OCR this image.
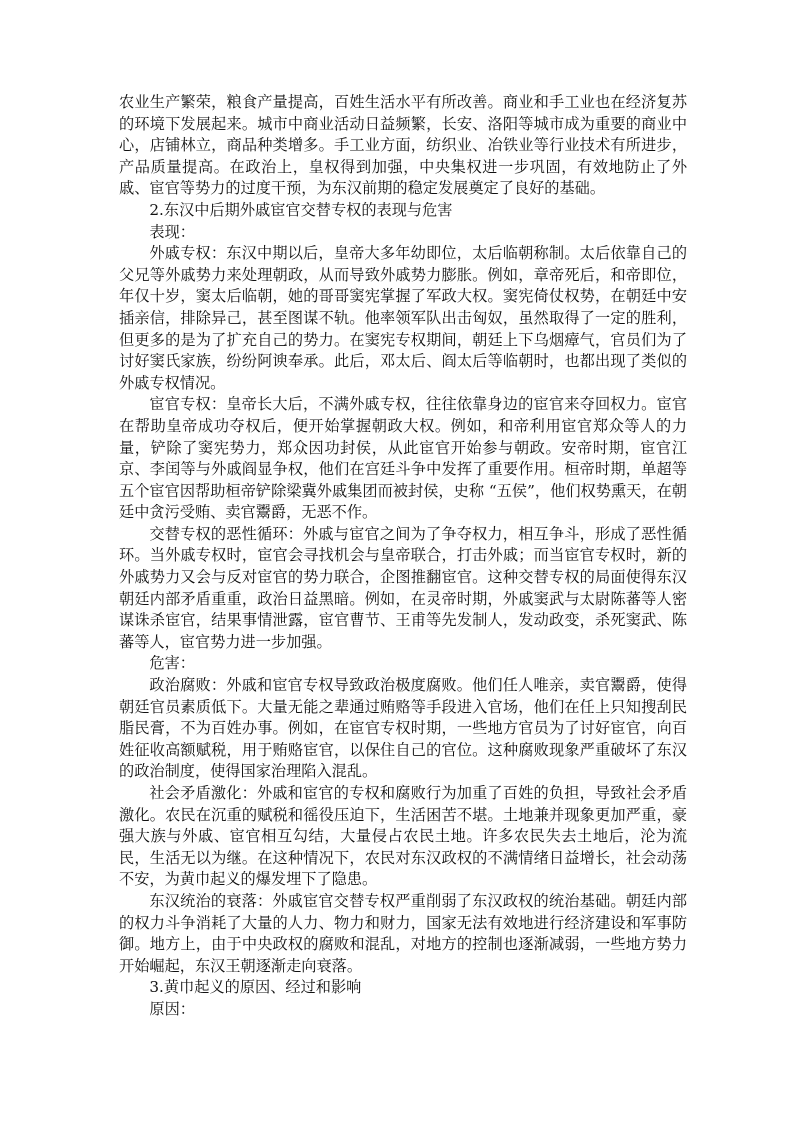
农业生产繁荣，粮食产量提高，百姓生活水平有所改善。商业和手工业也在经济复苏的环境下发展起来。城市中商业活动日益频繁，长安、洛阳等城市成为重要的商业中心，店铺林立，商品种类增多。手工业方面，纺织业、冶铁业等行业技术有所进步，产品质量提高。在政治上，皇权得到加强，中央集权进一步巩固，有效地防止了外戚、宦官等势力的过度干预，为东汉前期的稳定发展奠定了良好的基础。

2.东汉中后期外戚宦官交替专权的表现与危害

表现：

外戚专权：东汉中期以后，皇帝大多年幼即位，太后临朝称制。太后依靠自己的父兄等外戚势力来处理朝政，从而导致外戚势力膨胀。例如，章帝死后，和帝即位，年仅十岁，窦太后临朝，她的哥哥窦宪掌握了军政大权。窦宪倚仗权势，在朝廷中安插亲信，排除异己，甚至图谋不轨。他率领军队出击匈奴，虽然取得了一定的胜利，但更多的是为了扩充自己的势力。在窦宪专权期间，朝廷上下乌烟瘴气，官员们为了讨好窦氏家族，纷纷阿谀奉承。此后，邓太后、阎太后等临朝时，也都出现了类似的外戚专权情况。

宦官专权：皇帝长大后，不满外戚专权，往往依靠身边的宦官来夺回权力。宦官在帮助皇帝成功夺权后，便开始掌握朝政大权。例如，和帝利用宦官郑众等人的力量，铲除了窦宪势力，郑众因功封侯，从此宦官开始参与朝政。安帝时期，宦官江京、李闰等与外戚阎显争权，他们在宫廷斗争中发挥了重要作用。桓帝时期，单超等五个宦官因帮助桓帝铲除梁冀外戚集团而被封侯，史称 “五侯”，他们权势熏天，在朝廷中贪污受贿、卖官鬻爵，无恶不作。

交替专权的恶性循环：外戚与宦官之间为了争夺权力，相互争斗，形成了恶性循环。当外戚专权时，宦官会寻找机会与皇帝联合，打击外戚；而当宦官专权时，新的外戚势力又会与反对宦官的势力联合，企图推翻宦官。这种交替专权的局面使得东汉朝廷内部矛盾重重，政治日益黑暗。例如，在灵帝时期，外戚窦武与太尉陈蕃等人密谋诛杀宦官，结果事情泄露，宦官曹节、王甫等先发制人，发动政变，杀死窦武、陈蕃等人，宦官势力进一步加强。

危害：

政治腐败：外戚和宦官专权导致政治极度腐败。他们任人唯亲，卖官鬻爵，使得朝廷官员素质低下。大量无能之辈通过贿赂等手段进入官场，他们在任上只知搜刮民脂民膏，不为百姓办事。例如，在宦官专权时期，一些地方官员为了讨好宦官，向百姓征收高额赋税，用于贿赂宦官，以保住自己的官位。这种腐败现象严重破坏了东汉的政治制度，使得国家治理陷入混乱。

社会矛盾激化：外戚和宦官的专权和腐败行为加重了百姓的负担，导致社会矛盾激化。农民在沉重的赋税和徭役压迫下，生活困苦不堪。土地兼并现象更加严重，豪强大族与外戚、宦官相互勾结，大量侵占农民土地。许多农民失去土地后，沦为流民，生活无以为继。在这种情况下，农民对东汉政权的不满情绪日益增长，社会动荡不安，为黄巾起义的爆发埋下了隐患。

东汉统治的衰落：外戚宦官交替专权严重削弱了东汉政权的统治基础。朝廷内部的权力斗争消耗了大量的人力、物力和财力，国家无法有效地进行经济建设和军事防御。地方上，由于中央政权的腐败和混乱，对地方的控制也逐渐减弱，一些地方势力开始崛起，东汉王朝逐渐走向衰落。

3.黄巾起义的原因、经过和影响

原因：
